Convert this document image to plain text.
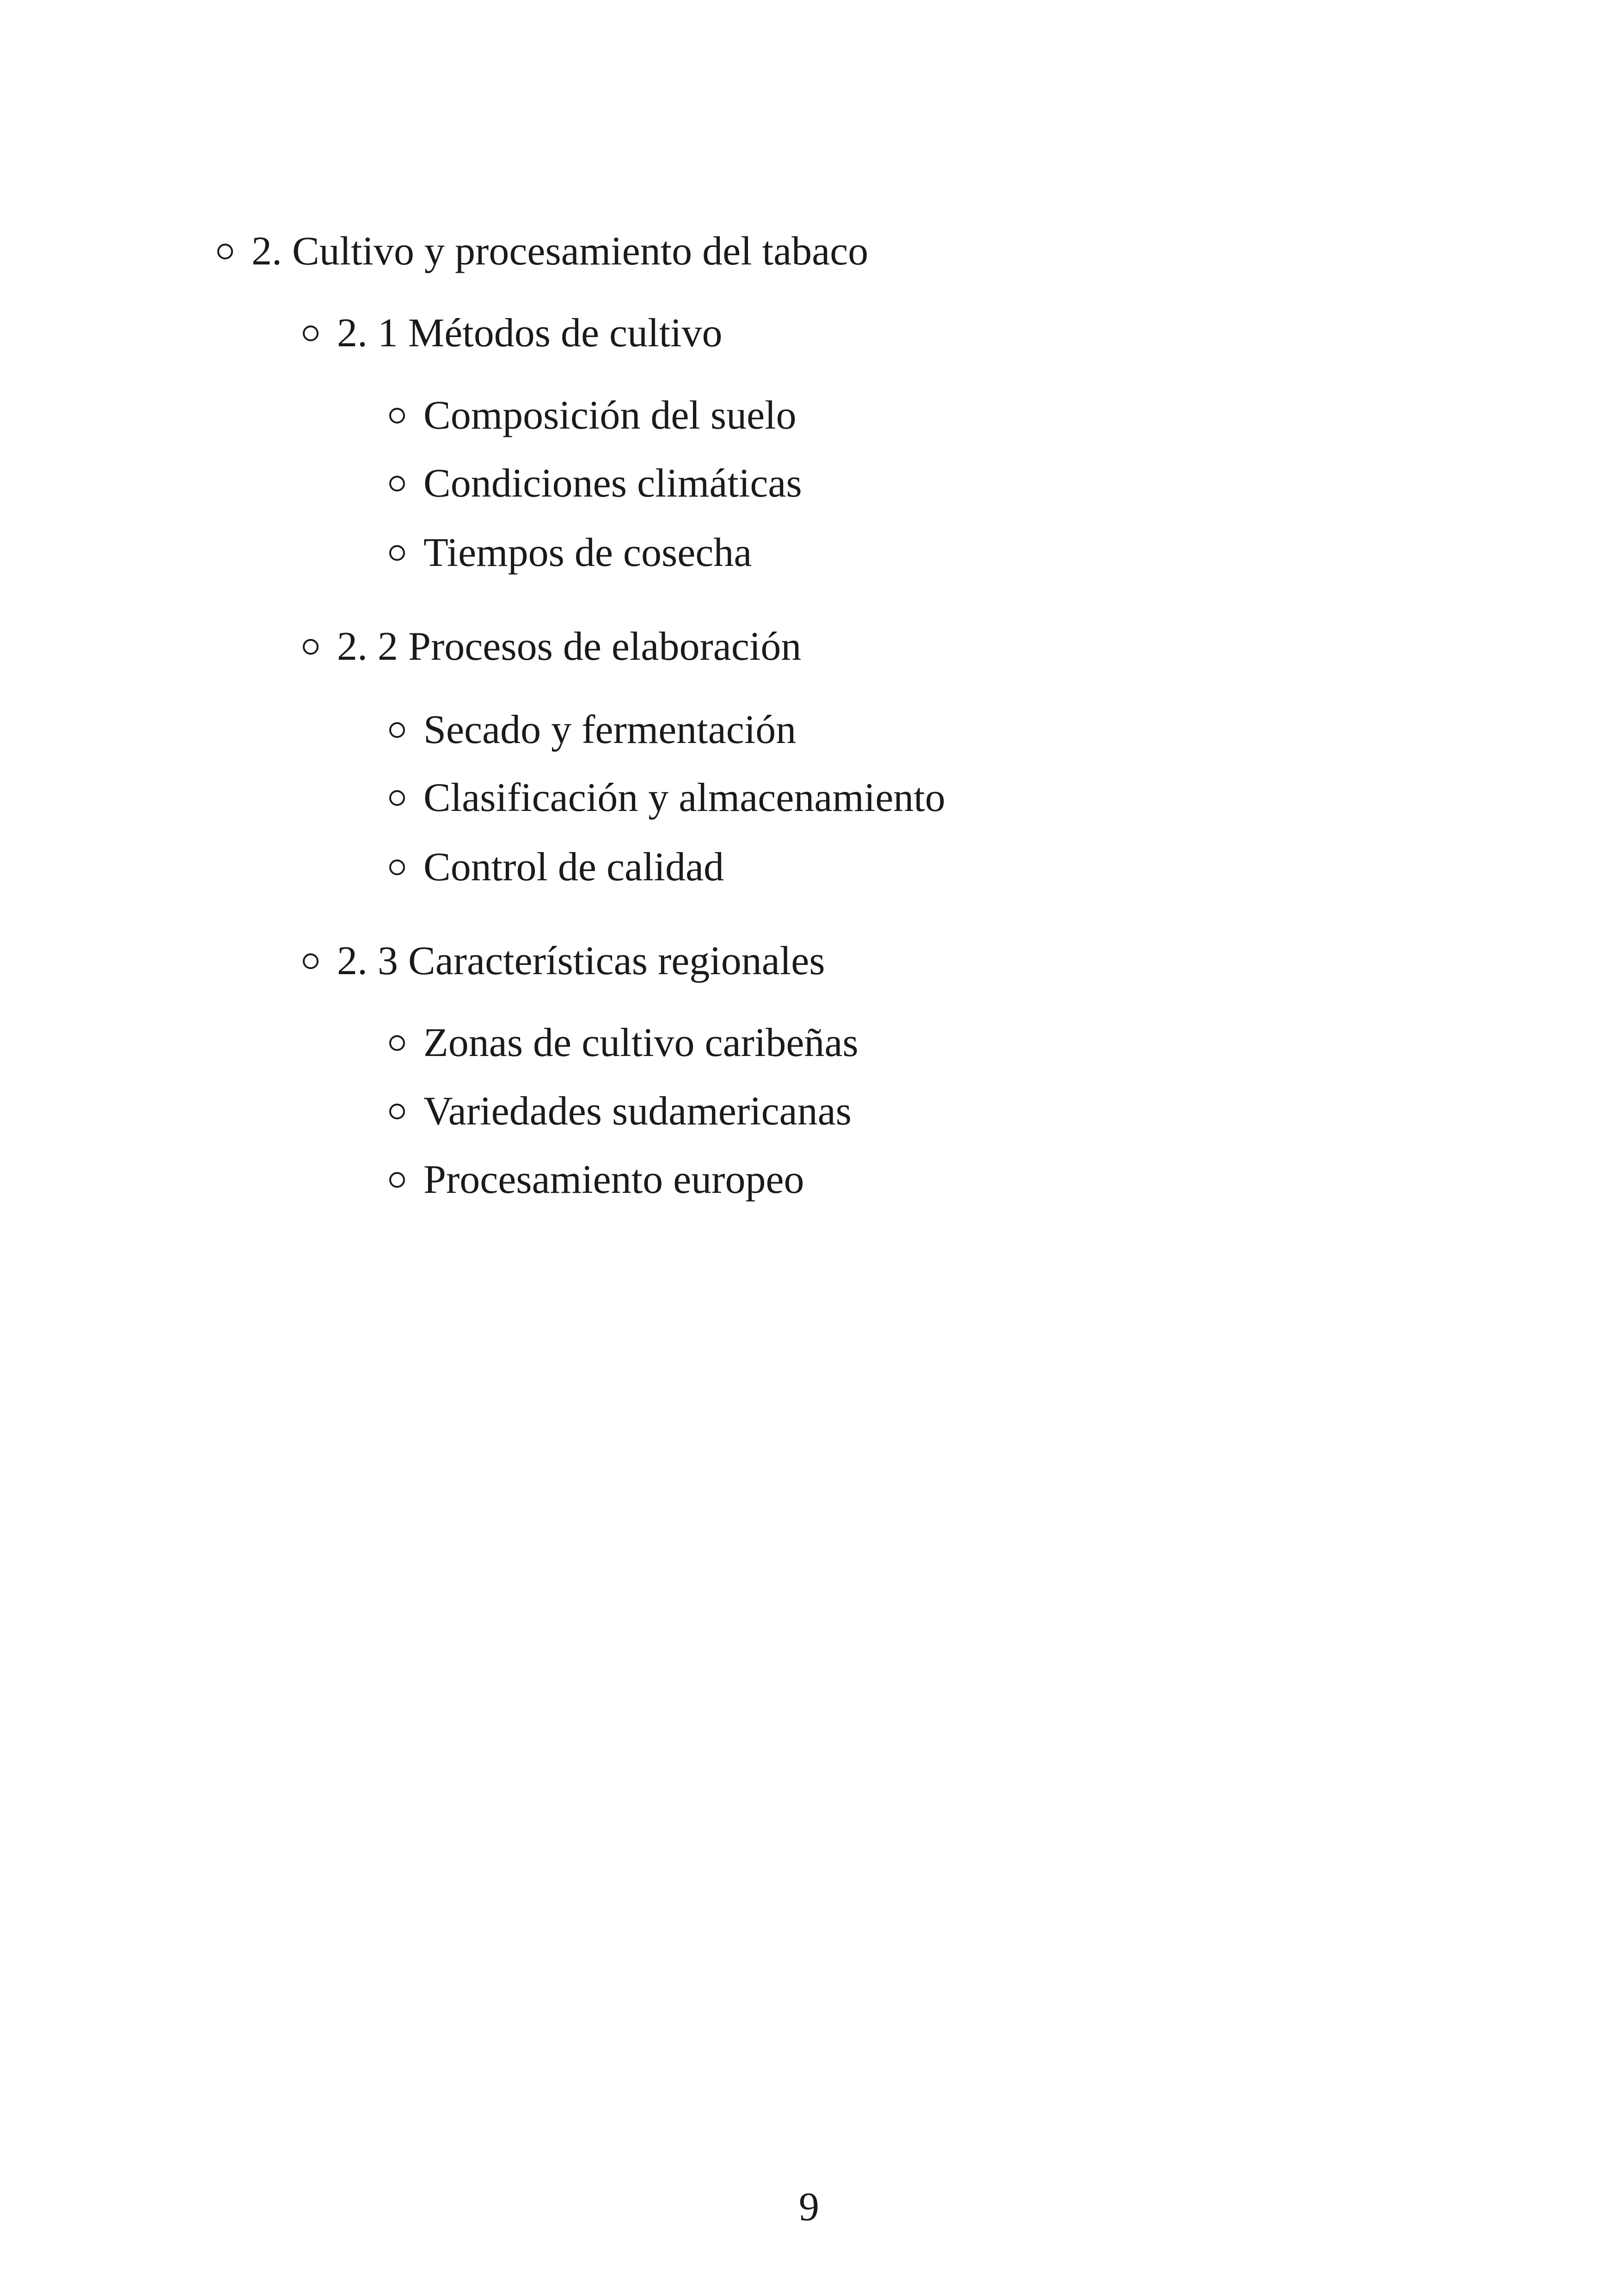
2. Cultivo y procesamiento del tabaco
2. 1 Métodos de cultivo
Composición del suelo
Condiciones climáticas
Tiempos de cosecha
2. 2 Procesos de elaboración
Secado y fermentación
Clasificación y almacenamiento
Control de calidad
2. 3 Características regionales
Zonas de cultivo caribeñas
Variedades sudamericanas
Procesamiento europeo
9
